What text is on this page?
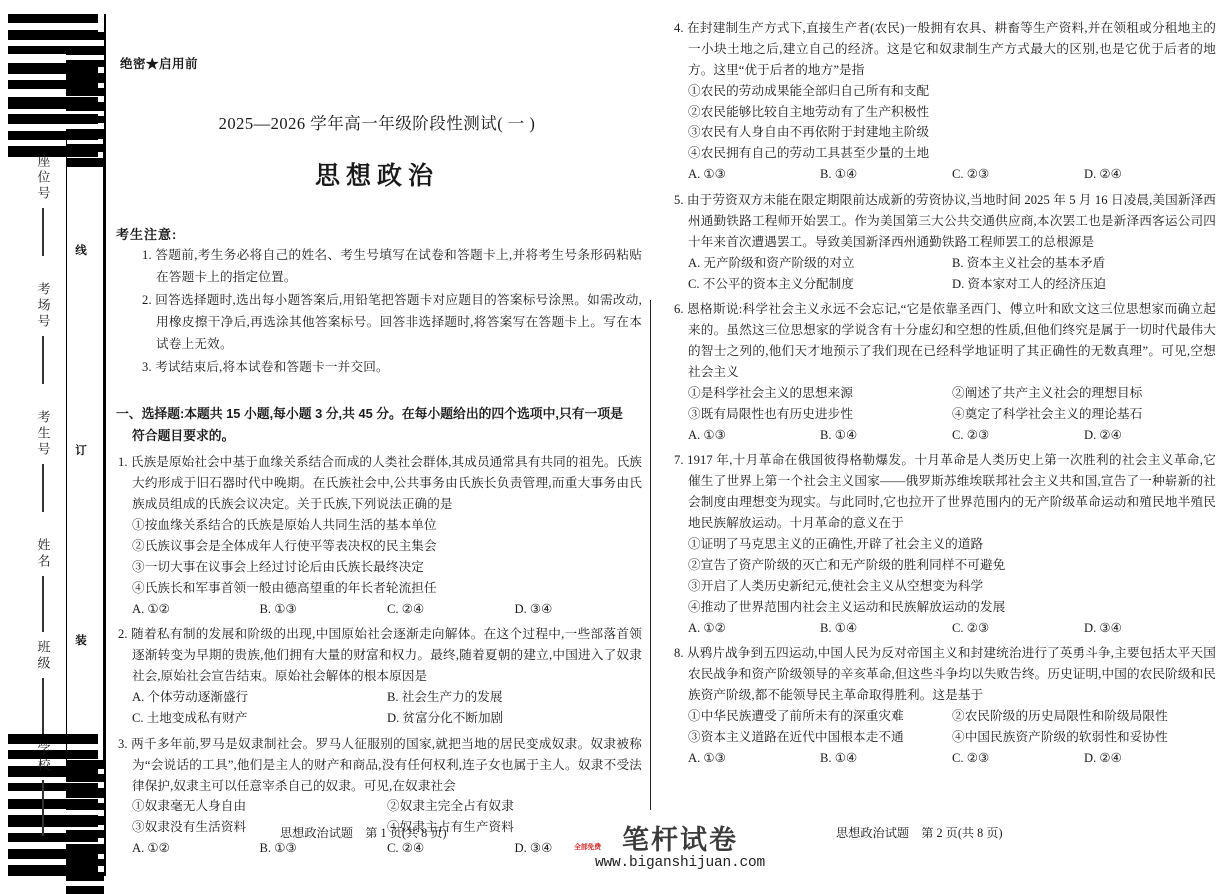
线
订
装
座位号
考场号
考生号
姓名
班级
学校
绝密★启用前
2025—2026 学年高一年级阶段性测试( 一 )
思想政治
考生注意:
1. 答题前,考生务必将自己的姓名、考生号填写在试卷和答题卡上,并将考生号条形码粘贴在答题卡上的指定位置。
2. 回答选择题时,选出每小题答案后,用铅笔把答题卡对应题目的答案标号涂黑。如需改动,用橡皮擦干净后,再选涂其他答案标号。回答非选择题时,将答案写在答题卡上。写在本试卷上无效。
3. 考试结束后,将本试卷和答题卡一并交回。
一、选择题:本题共 15 小题,每小题 3 分,共 45 分。在每小题给出的四个选项中,只有一项是
符合题目要求的。
1. 氏族是原始社会中基于血缘关系结合而成的人类社会群体,其成员通常具有共同的祖先。氏族大约形成于旧石器时代中晚期。在氏族社会中,公共事务由氏族长负责管理,而重大事务由氏族成员组成的氏族会议决定。关于氏族,下列说法正确的是
①按血缘关系结合的氏族是原始人共同生活的基本单位
②氏族议事会是全体成年人行使平等表决权的民主集会
③一切大事在议事会上经过讨论后由氏族长最终决定
④氏族长和军事首领一般由德高望重的年长者轮流担任
A. ①②	B. ①③	C. ②④	D. ③④
2. 随着私有制的发展和阶级的出现,中国原始社会逐渐走向解体。在这个过程中,一些部落首领逐渐转变为早期的贵族,他们拥有大量的财富和权力。最终,随着夏朝的建立,中国进入了奴隶社会,原始社会宣告结束。原始社会解体的根本原因是
A. 个体劳动逐渐盛行	B. 社会生产力的发展
C. 土地变成私有财产	D. 贫富分化不断加剧
3. 两千多年前,罗马是奴隶制社会。罗马人征服别的国家,就把当地的居民变成奴隶。奴隶被称为“会说话的工具”,他们是主人的财产和商品,没有任何权利,连子女也属于主人。奴隶不受法律保护,奴隶主可以任意宰杀自己的奴隶。可见,在奴隶社会
①奴隶毫无人身自由	②奴隶主完全占有奴隶
③奴隶没有生活资料	④奴隶主占有生产资料
A. ①②	B. ①③	C. ②④	D. ③④
4. 在封建制生产方式下,直接生产者(农民)一般拥有农具、耕畜等生产资料,并在领租或分租地主的一小块土地之后,建立自己的经济。这是它和奴隶制生产方式最大的区别,也是它优于后者的地方。这里“优于后者的地方”是指
①农民的劳动成果能全部归自己所有和支配
②农民能够比较自主地劳动有了生产积极性
③农民有人身自由不再依附于封建地主阶级
④农民拥有自己的劳动工具甚至少量的土地
A. ①③	B. ①④	C. ②③	D. ②④
5. 由于劳资双方未能在限定期限前达成新的劳资协议,当地时间 2025 年 5 月 16 日凌晨,美国新泽西州通勤铁路工程师开始罢工。作为美国第三大公共交通供应商,本次罢工也是新泽西客运公司四十年来首次遭遇罢工。导致美国新泽西州通勤铁路工程师罢工的总根源是
A. 无产阶级和资产阶级的对立	B. 资本主义社会的基本矛盾
C. 不公平的资本主义分配制度	D. 资本家对工人的经济压迫
6. 恩格斯说:科学社会主义永远不会忘记,“它是依靠圣西门、傅立叶和欧文这三位思想家而确立起来的。虽然这三位思想家的学说含有十分虚幻和空想的性质,但他们终究是属于一切时代最伟大的智士之列的,他们天才地预示了我们现在已经科学地证明了其正确性的无数真理”。可见,空想社会主义
①是科学社会主义的思想来源	②阐述了共产主义社会的理想目标
③既有局限性也有历史进步性	④奠定了科学社会主义的理论基石
A. ①③	B. ①④	C. ②③	D. ②④
7. 1917 年,十月革命在俄国彼得格勒爆发。十月革命是人类历史上第一次胜利的社会主义革命,它催生了世界上第一个社会主义国家——俄罗斯苏维埃联邦社会主义共和国,宣告了一种崭新的社会制度由理想变为现实。与此同时,它也拉开了世界范围内的无产阶级革命运动和殖民地半殖民地民族解放运动。十月革命的意义在于
①证明了马克思主义的正确性,开辟了社会主义的道路
②宣告了资产阶级的灭亡和无产阶级的胜利同样不可避免
③开启了人类历史新纪元,使社会主义从空想变为科学
④推动了世界范围内社会主义运动和民族解放运动的发展
A. ①②	B. ①④	C. ②③	D. ③④
8. 从鸦片战争到五四运动,中国人民为反对帝国主义和封建统治进行了英勇斗争,主要包括太平天国农民战争和资产阶级领导的辛亥革命,但这些斗争均以失败告终。历史证明,中国的农民阶级和民族资产阶级,都不能领导民主革命取得胜利。这是基于
①中华民族遭受了前所未有的深重灾难	②农民阶级的历史局限性和阶级局限性
③资本主义道路在近代中国根本走不通	④中国民族资产阶级的软弱性和妥协性
A. ①③	B. ①④	C. ②③	D. ②④
思想政治试题　第 1 页(共 8 页)	思想政治试题　第 2 页(共 8 页)
全部免费 笔杆试卷
www.biganshijuan.com
